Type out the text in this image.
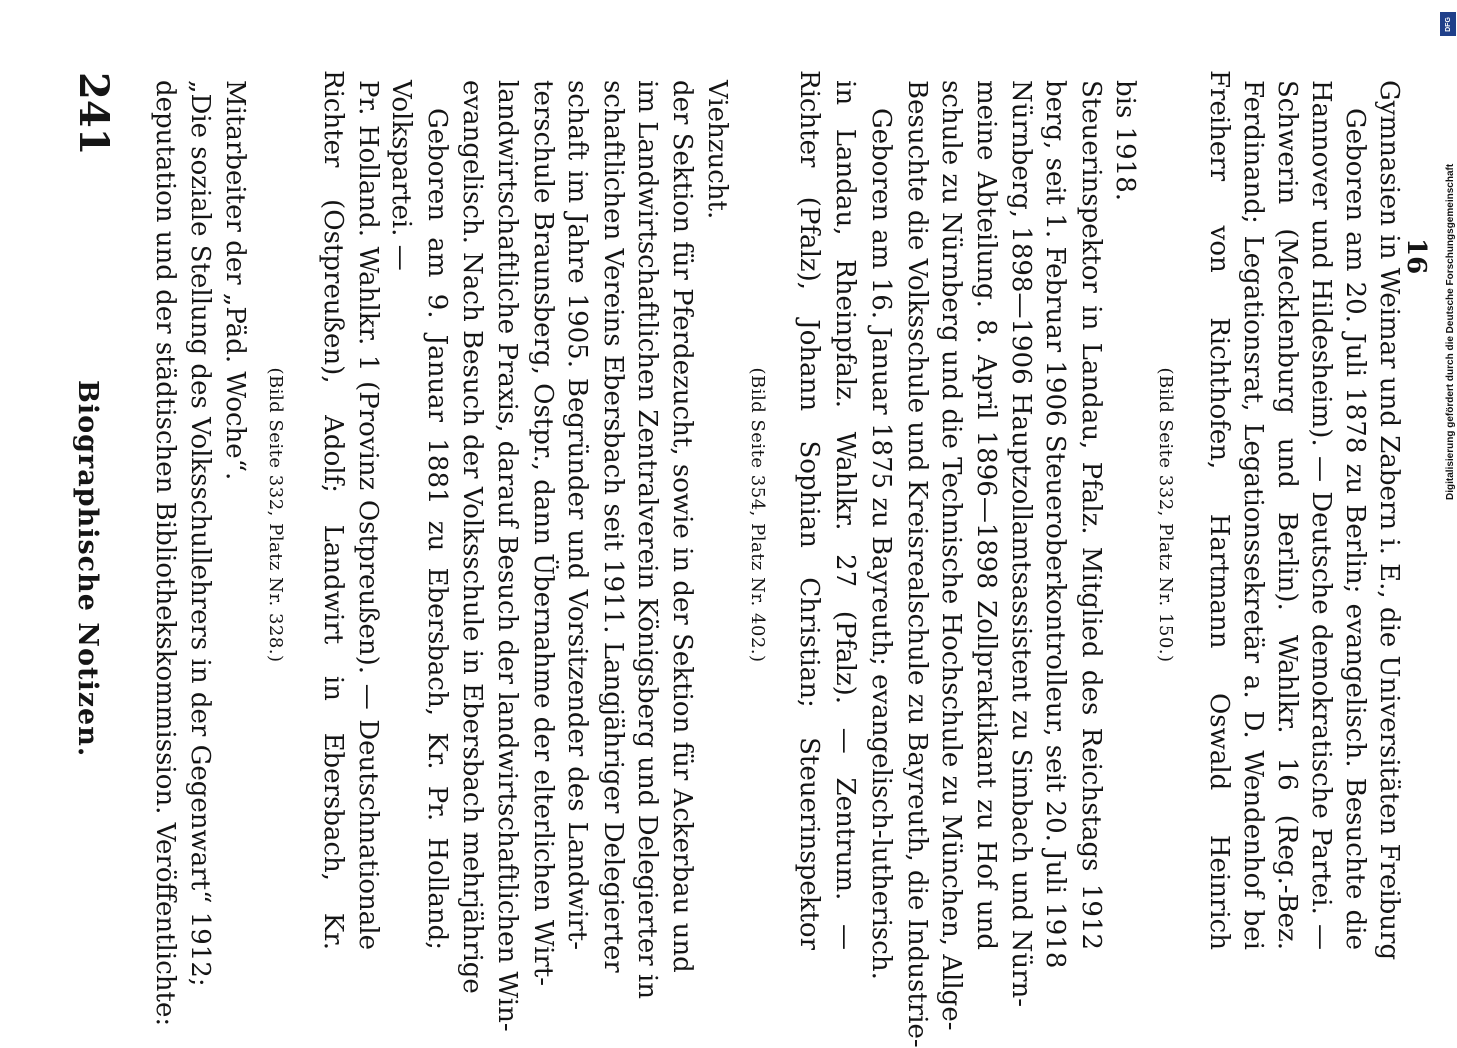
Biographische Notizen.
241
16
deputation und der städtischen Bibliothekskommission. Veröffentlichte: „Die soziale Stellung des Volksschullehrers in der Gegenwart“ 1912; Mitarbeiter der „Päd. Woche“.
(Bild Seite 332, Platz Nr. 328.) Richter (Ostpreußen), Adolf; Landwirt in Ebersbach, Kr. Pr. Holland. Wahlkr. 1 (Provinz Ostpreußen). — Deutschnationale Volkspartei. — Geboren am 9. Januar 1881 zu Ebersbach, Kr. Pr. Holland; evangelisch. Nach Besuch der Volksschule in Ebersbach mehrjährige landwirtschaftliche Praxis, darauf Besuch der landwirtschaftlichen Win- terschule Braunsberg, Ostpr., dann Übernahme der elterlichen Wirt- schaft im Jahre 1905. Begründer und Vorsitzender des Landwirt- schaftlichen Vereins Ebersbach seit 1911. Langjähriger Delegierter im Landwirtschaftlichen Zentralverein Königsberg und Delegierter in der Sektion für Pferdezucht, sowie in der Sektion für Ackerbau und Viehzucht.
(Bild Seite 354, Platz Nr. 402.) Richter (Pfalz), Johann Sophian Christian; Steuerinspektor in Landau, Rheinpfalz. Wahlkr. 27 (Pfalz). — Zentrum. — Geboren am 16. Januar 1875 zu Bayreuth; evangelisch-lutherisch. Besuchte die Volksschule und Kreisrealschule zu Bayreuth, die Industrie- schule zu Nürnberg und die Technische Hochschule zu München, Allge- meine Abteilung. 8. April 1896—1898 Zollpraktikant zu Hof und Nürnberg, 1898—1906 Hauptzollamtsassistent zu Simbach und Nürn- berg, seit 1. Februar 1906 Steueroberkontrolleur, seit 20. Juli 1918 Steuerinspektor in Landau, Pfalz. Mitglied des Reichstags 1912 bis 1918.
(Bild Seite 332, Platz Nr. 150.) Freiherr von Richthofen, Hartmann Oswald Heinrich Ferdinand; Legationsrat, Legationssekretär a. D. Wendenhof bei Schwerin (Mecklenburg und Berlin). Wahlkr. 16 (Reg.-Bez. Hannover und Hildesheim). — Deutsche demokratische Partei. — Geboren am 20. Juli 1878 zu Berlin; evangelisch. Besuchte die Gymnasien in Weimar und Zabern i. E., die Universitäten Freiburg	Digitalisierung gefördert durch die Deutsche Forschungsgemeinschaft
DFG
